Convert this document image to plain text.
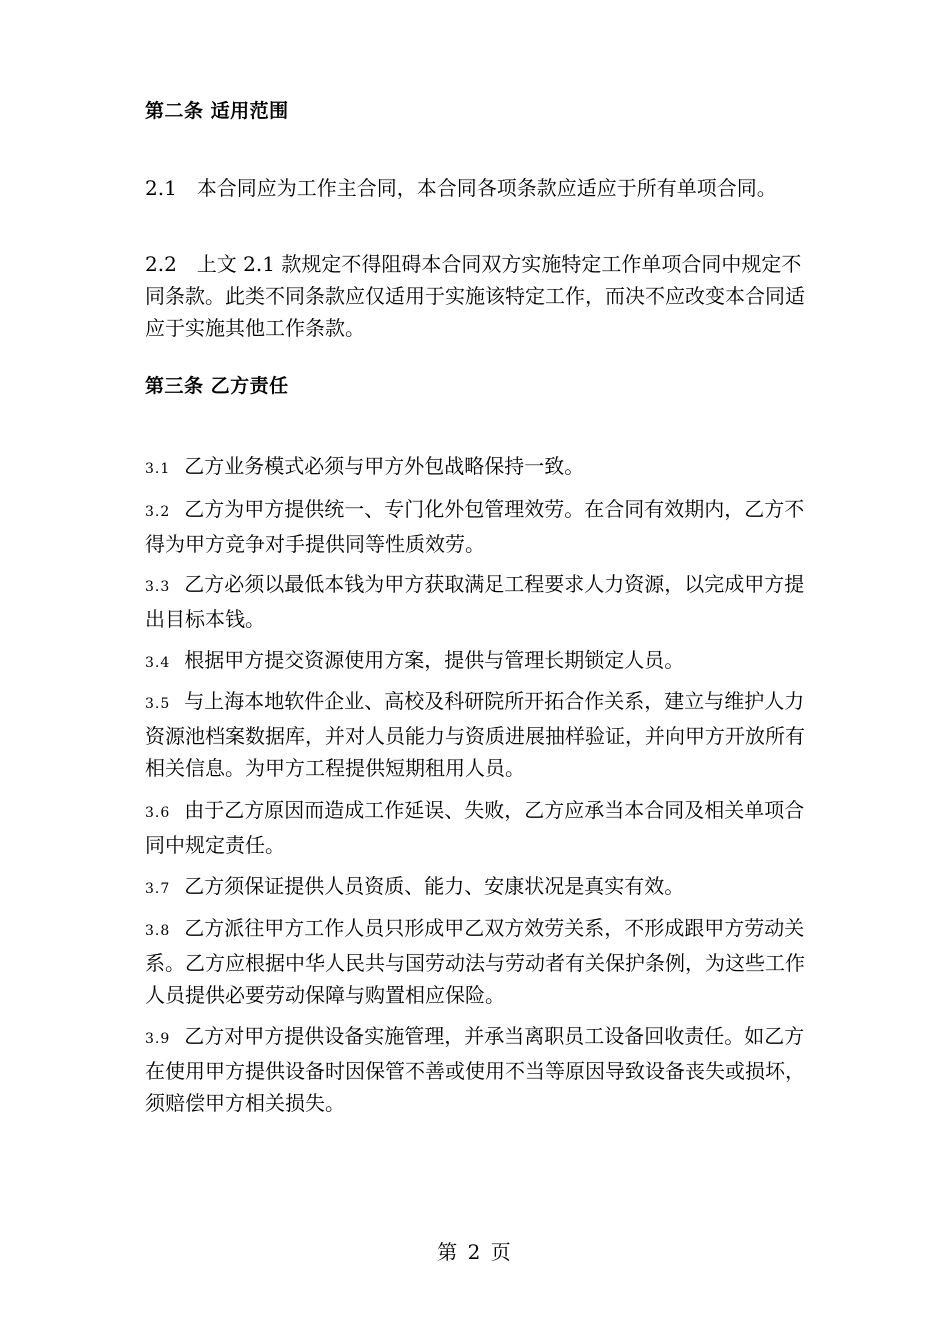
第二条 适用范围
2.1 本合同应为工作主合同，本合同各项条款应适应于所有单项合同。
2.2 上文 2.1 款规定不得阻碍本合同双方实施特定工作单项合同中规定不同条款。此类不同条款应仅适用于实施该特定工作，而决不应改变本合同适应于实施其他工作条款。
第三条 乙方责任
3.1 乙方业务模式必须与甲方外包战略保持一致。
3.2 乙方为甲方提供统一、专门化外包管理效劳。在合同有效期内，乙方不得为甲方竞争对手提供同等性质效劳。
3.3 乙方必须以最低本钱为甲方获取满足工程要求人力资源，以完成甲方提出目标本钱。
3.4 根据甲方提交资源使用方案，提供与管理长期锁定人员。
3.5 与上海本地软件企业、高校及科研院所开拓合作关系，建立与维护人力资源池档案数据库，并对人员能力与资质进展抽样验证，并向甲方开放所有相关信息。为甲方工程提供短期租用人员。
3.6 由于乙方原因而造成工作延误、失败，乙方应承当本合同及相关单项合同中规定责任。
3.7 乙方须保证提供人员资质、能力、安康状况是真实有效。
3.8 乙方派往甲方工作人员只形成甲乙双方效劳关系，不形成跟甲方劳动关系。乙方应根据中华人民共与国劳动法与劳动者有关保护条例，为这些工作人员提供必要劳动保障与购置相应保险。
3.9 乙方对甲方提供设备实施管理，并承当离职员工设备回收责任。如乙方在使用甲方提供设备时因保管不善或使用不当等原因导致设备丧失或损坏，须赔偿甲方相关损失。
第 2 页
